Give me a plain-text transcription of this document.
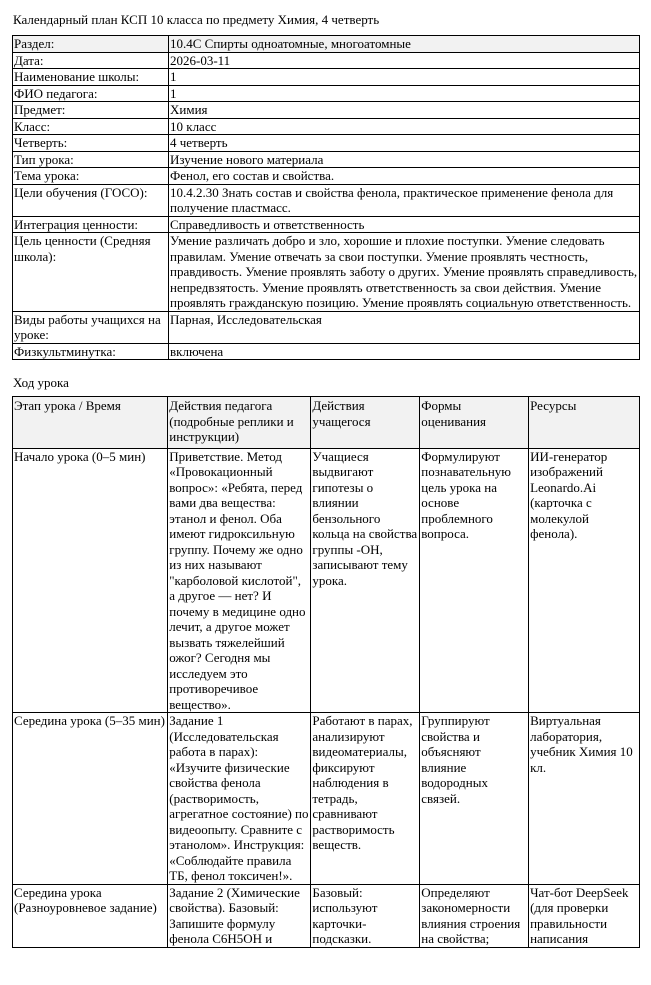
Календарный план КСП 10 класса по предмету Химия, 4 четверть
Раздел:	10.4С Спирты одноатомные, многоатомные
Дата:	2026-03-11
Наименование школы:	1
ФИО педагога:	1
Предмет:	Химия
Класс:	10 класс
Четверть:	4 четверть
Тип урока:	Изучение нового материала
Тема урока:	Фенол, его состав и свойства.
Цели обучения (ГОСО):	10.4.2.30 Знать состав и свойства фенола, практическое применение фенола для получение пластмасс.
Интеграция ценности:	Справедливость и ответственность
Цель ценности (Средняя школа):	Умение различать добро и зло, хорошие и плохие поступки. Умение следовать правилам. Умение отвечать за свои поступки. Умение проявлять честность, правдивость. Умение проявлять заботу о других. Умение проявлять справедливость, непредвзятость. Умение проявлять ответственность за свои действия. Умение проявлять гражданскую позицию. Умение проявлять социальную ответственность.
Виды работы учащихся на уроке:	Парная, Исследовательская
Физкультминутка:	включена
Ход урока
Этап урока / Время	Действия педагога (подробные реплики и инструкции)	Действия учащегося	Формы оценивания	Ресурсы
Начало урока (0–5 мин)	Приветствие. Метод «Провокационный вопрос»: «Ребята, перед вами два вещества: этанол и фенол. Оба имеют гидроксильную группу. Почему же одно из них называют "карболовой кислотой", а другое — нет? И почему в медицине одно лечит, а другое может вызвать тяжелейший ожог? Сегодня мы исследуем это противоречивое вещество».	Учащиеся выдвигают гипотезы о влиянии бензольного кольца на свойства группы -ОН, записывают тему урока.	Формулируют познавательную цель урока на основе проблемного вопроса.	ИИ-генератор изображений Leonardo.Ai (карточка с молекулой фенола).
Середина урока (5–35 мин)	Задание 1 (Исследовательская работа в парах): «Изучите физические свойства фенола (растворимость, агрегатное состояние) по видеоопыту. Сравните с этанолом». Инструкция: «Соблюдайте правила ТБ, фенол токсичен!».	Работают в парах, анализируют видеоматериалы, фиксируют наблюдения в тетрадь, сравнивают растворимость веществ.	Группируют свойства и объясняют влияние водородных связей.	Виртуальная лаборатория, учебник Химия 10 кл.
Середина урока (Разноуровневое задание)	Задание 2 (Химические свойства). Базовый: Запишите формулу фенола С6Н5ОН и	Базовый: используют карточки-подсказки.	Определяют закономерности влияния строения на свойства;	Чат-бот DeepSeek (для проверки правильности написания
